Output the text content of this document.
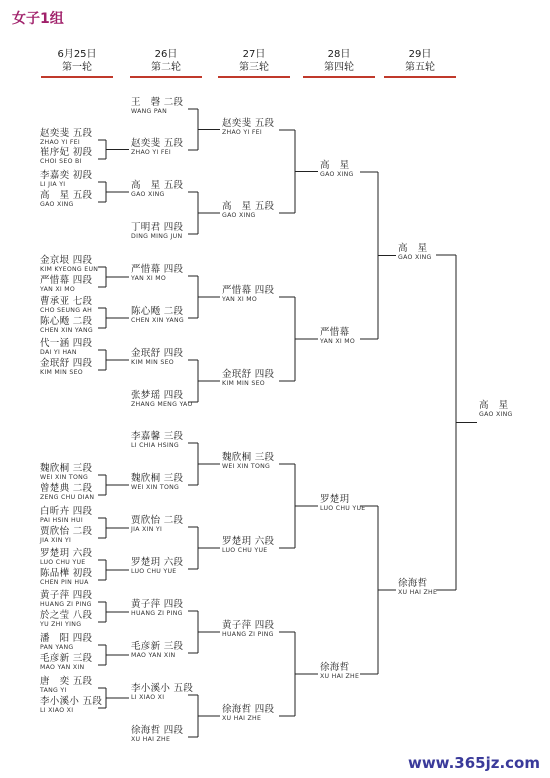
女子1组
6月25日
第一轮
26日
第二轮
27日
第三轮
28日
第四轮
29日
第五轮
赵奕斐 五段
ZHAO YI FEI
崔序妃 初段
CHOI SEO BI
李嘉奕 初段
LI JIA YI
高　星 五段
GAO XING
金京垠 四段
KIM KYEONG EUN
严惜幕 四段
YAN XI MO
曹承亚 七段
CHO SEUNG AH
陈心飏 二段
CHEN XIN YANG
代一涵 四段
DAI YI HAN
金珉舒 四段
KIM MIN SEO
魏欣桐 三段
WEI XIN TONG
曾楚典 二段
ZENG CHU DIAN
白昕卉 四段
PAI HSIN HUI
贾欣怡 二段
JIA XIN YI
罗楚玥 六段
LUO CHU YUE
陈品樺 初段
CHEN PIN HUA
黄子萍 四段
HUANG ZI PING
於之莹 八段
YU ZHI YING
潘　阳 四段
PAN YANG
毛彦新 三段
MAO YAN XIN
唐　奕 五段
TANG YI
李小溪小 五段
LI XIAO XI
王　磬 二段
WANG PAN
赵奕斐 五段
ZHAO YI FEI
高　星 五段
GAO XING
丁明君 四段
DING MING JUN
严惜幕 四段
YAN XI MO
陈心飏 二段
CHEN XIN YANG
金珉舒 四段
KIM MIN SEO
张梦瑶 四段
ZHANG MENG YAO
李嘉馨 三段
LI CHIA HSING
魏欣桐 三段
WEI XIN TONG
贾欣怡 二段
JIA XIN YI
罗楚玥 六段
LUO CHU YUE
黄子萍 四段
HUANG ZI PING
毛彦新 三段
MAO YAN XIN
李小溪小 五段
LI XIAO XI
徐海哲 四段
XU HAI ZHE
赵奕斐 五段
ZHAO YI FEI
高　星 五段
GAO XING
严惜幕 四段
YAN XI MO
金珉舒 四段
KIM MIN SEO
魏欣桐 三段
WEI XIN TONG
罗楚玥 六段
LUO CHU YUE
黄子萍 四段
HUANG ZI PING
徐海哲 四段
XU HAI ZHE
高　星
GAO XING
严惜幕
YAN XI MO
罗楚玥
LUO CHU YUE
徐海哲
XU HAI ZHE
高　星
GAO XING
徐海哲
XU HAI ZHE
高　星
GAO XING
www.365jz.com
